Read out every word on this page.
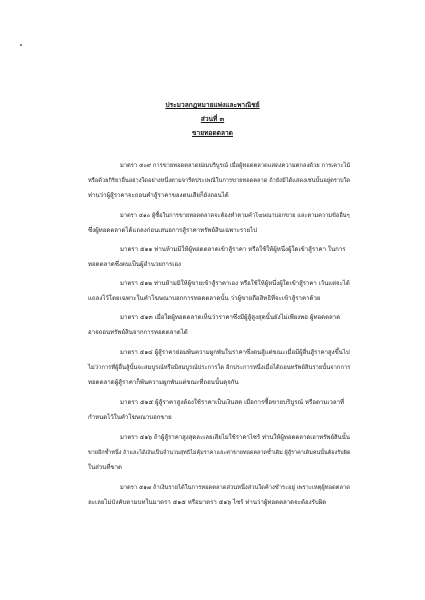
ประมวลกฎหมายแพ่งและพาณิชย์
ส่วนที่ ๓
ขายทอดตลาด
มาตรา ๕๐๙ การขายทอดตลาดย่อมบริบูรณ์ เมื่อผู้ทอดตลาดแสดงความตกลงด้วย การเคาะไม้
หรือด้วยกิริยาอื่นอย่างใดอย่างหนึ่งตามจารีตประเพณีในการขายทอดตลาด ถ้ายังมิได้แสดงเช่นนั้นอยู่ตราบใด
ท่านว่าผู้สู้ราคาจะถอนคำสู้ราคาของตนเสียก็ยังถอนได้
มาตรา ๕๑๐ ผู้ซื้อในการขายทอดตลาดจะต้องทำตามคำโฆษณาบอกขาย และตามความข้ออื่นๆ
ซึ่งผู้ทอดตลาดได้แถลงก่อนเสนอการสู้ราคาทรัพย์สินเฉพาะรายไป
มาตรา ๕๑๑ ท่านห้ามมิให้ผู้ทอดตลาดเข้าสู้ราคา หรือใช้ให้ผู้หนึ่งผู้ใดเข้าสู้ราคา ในการ
ทอดตลาดซึ่งตนเป็นผู้อำนวยการเอง
มาตรา ๕๑๒ ท่านห้ามมิให้ผู้ขายเข้าสู้ราคาเอง หรือใช้ให้ผู้หนึ่งผู้ใดเข้าสู้ราคา เว้นแต่จะได้
แถลงไว้โดยเฉพาะในคำโฆษณาบอกการทอดตลาดนั้น ว่าผู้ขายถือสิทธิที่จะเข้าสู้ราคาด้วย
มาตรา ๕๑๓ เมื่อใดผู้ทอดตลาดเห็นว่าราคาซึ่งมีผู้สู้สูงสุดนั้นยังไม่เพียงพอ ผู้ทอดตลาด
อาจถอนทรัพย์สินจากการทอดตลาดได้
มาตรา ๕๑๔ ผู้สู้ราคาย่อมพ้นความผูกพันในราคาซึ่งตนสู้แต่ขณะเมื่อมีผู้อื่นสู้ราคาสูงขึ้นไป
ไม่ว่าการที่ผู้อื่นสู้นั้นจะสมบูรณ์หรือมิสมบูรณ์ประการใด อีกประการหนึ่งเมื่อได้ถอนทรัพย์สินรายนั้นจากการ
ทอดตลาดผู้สู้ราคาก็พ้นความผูกพันแต่ขณะที่ถอนนั้นดุจกัน
มาตรา ๕๑๕ ผู้สู้ราคาสูงต้องใช้ราคาเป็นเงินสด เมื่อการซื้อขายบริบูรณ์ หรือตามเวลาที่
กำหนดไว้ในคำโฆษณาบอกขาย
มาตรา ๕๑๖ ถ้าผู้สู้ราคาสูงสุดละเลยเสียไม่ใช้ราคาไซร้ ท่านให้ผู้ทอดตลาดเอาทรัพย์สินนั้น
ขายอีกซ้ำหนึ่ง ถ้าและได้เงินเป็นจำนวนสุทธิไม่คุ้มราคาและค่าขายทอดตลาดซ้ำเดิม ผู้สู้ราคาเดิมคนนั้นต้องรับผิด
ในส่วนที่ขาด
มาตรา ๕๑๗ ถ้าเงินรายได้ในการทอดตลาดส่วนหนึ่งส่วนใดค้างชำระอยู่ เพราะเหตุผู้ทอดตลาด
ละเลยไม่บังคับตามบทในมาตรา ๕๑๕ หรือมาตรา ๕๑๖ ไซร้ ท่านว่าผู้ทอดตลาดจะต้องรับผิด
